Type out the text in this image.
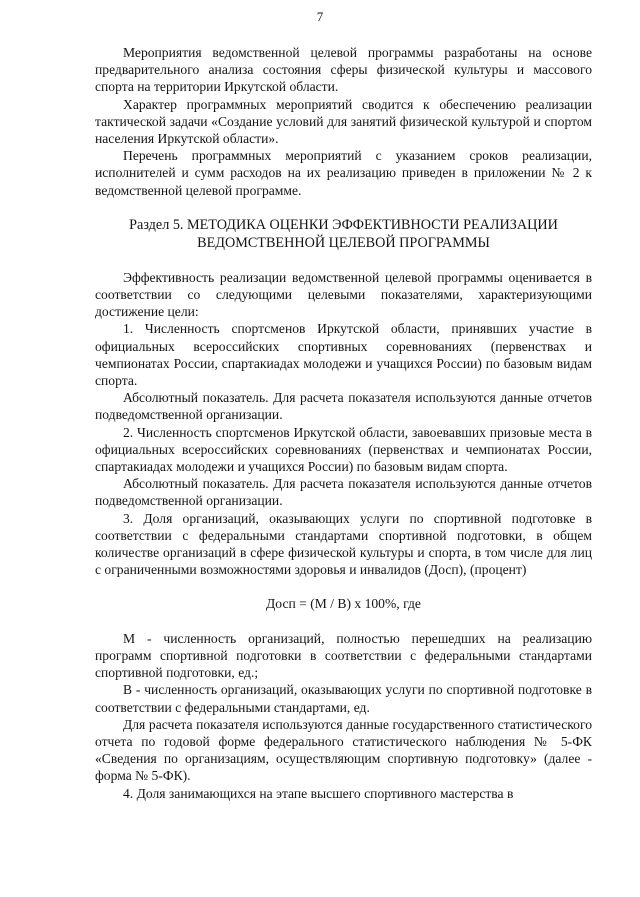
7

Мероприятия ведомственной целевой программы разработаны на основе предварительного анализа состояния сферы физической культуры и массового спорта на территории Иркутской области.

Характер программных мероприятий сводится к обеспечению реализации тактической задачи «Создание условий для занятий физической культурой и спортом населения Иркутской области».

Перечень программных мероприятий с указанием сроков реализации, исполнителей и сумм расходов на их реализацию приведен в приложении № 2 к ведомственной целевой программе.

Раздел 5. МЕТОДИКА ОЦЕНКИ ЭФФЕКТИВНОСТИ РЕАЛИЗАЦИИ

ВЕДОМСТВЕННОЙ ЦЕЛЕВОЙ ПРОГРАММЫ

Эффективность реализации ведомственной целевой программы оценивается в соответствии со следующими целевыми показателями, характеризующими достижение цели:

1. Численность спортсменов Иркутской области, принявших участие в официальных всероссийских спортивных соревнованиях (первенствах и чемпионатах России, спартакиадах молодежи и учащихся России) по базовым видам спорта.

Абсолютный показатель. Для расчета показателя используются данные отчетов подведомственной организации.

2. Численность спортсменов Иркутской области, завоевавших призовые места в официальных всероссийских соревнованиях (первенствах и чемпионатах России, спартакиадах молодежи и учащихся России) по базовым видам спорта.

Абсолютный показатель. Для расчета показателя используются данные отчетов подведомственной организации.

3. Доля организаций, оказывающих услуги по спортивной подготовке в соответствии с федеральными стандартами спортивной подготовки, в общем количестве организаций в сфере физической культуры и спорта, в том числе для лиц с ограниченными возможностями здоровья и инвалидов (Досп), (процент)

Досп = (М / В) х 100%, где

М - численность организаций, полностью перешедших на реализацию программ спортивной подготовки в соответствии с федеральными стандартами спортивной подготовки, ед.;

В - численность организаций, оказывающих услуги по спортивной подготовке в соответствии с федеральными стандартами, ед.

Для расчета показателя используются данные государственного статистического отчета по годовой форме федерального статистического наблюдения № 5-ФК «Сведения по организациям, осуществляющим спортивную подготовку» (далее - форма № 5-ФК).

4. Доля занимающихся на этапе высшего спортивного мастерства в
